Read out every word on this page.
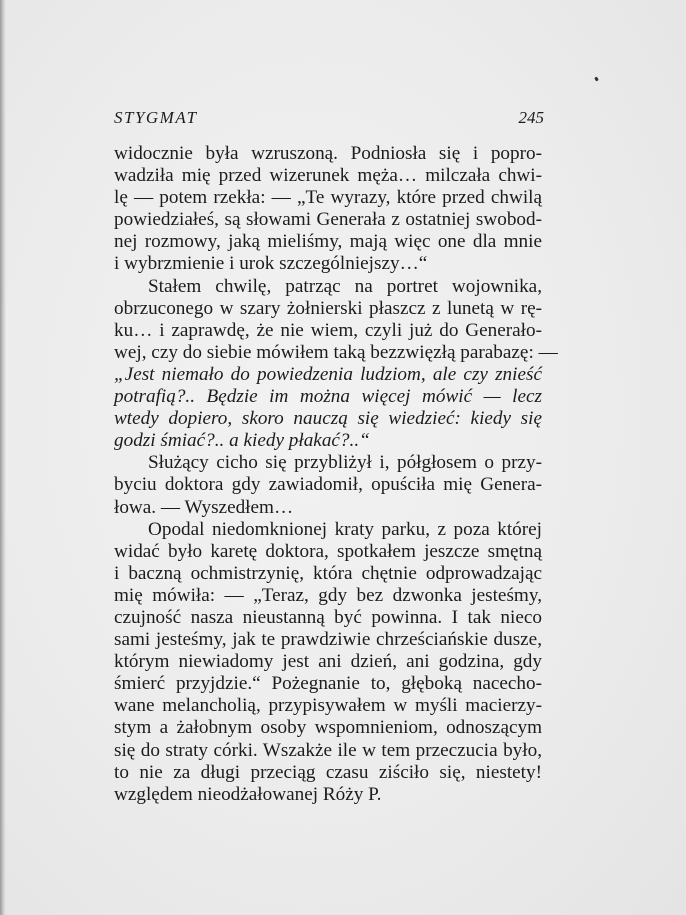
STYGMAT	245
widocznie była wzruszoną. Podniosła się i popro-
wadziła mię przed wizerunek męża… milczała chwi-
lę — potem rzekła: — „Te wyrazy, które przed chwilą
powiedziałeś, są słowami Generała z ostatniej swobod-
nej rozmowy, jaką mieliśmy, mają więc one dla mnie
i wybrzmienie i urok szczególniejszy…“
Stałem chwilę, patrząc na portret wojownika,
obrzuconego w szary żołnierski płaszcz z lunetą w rę-
ku… i zaprawdę, że nie wiem, czyli już do Generało-
wej, czy do siebie mówiłem taką bezzwięzłą parabazę: —
„Jest niemało do powiedzenia ludziom, ale czy znieść
potrafią?.. Będzie im można więcej mówić — lecz
wtedy dopiero, skoro nauczą się wiedzieć: kiedy się
godzi śmiać?.. a kiedy płakać?..“
Służący cicho się przybliżył i, półgłosem o przy-
byciu doktora gdy zawiadomił, opuściła mię Genera-
łowa. — Wyszedłem…
Opodal niedomknionej kraty parku, z poza której
widać było karetę doktora, spotkałem jeszcze smętną
i baczną ochmistrzynię, która chętnie odprowadzając
mię mówiła: — „Teraz, gdy bez dzwonka jesteśmy,
czujność nasza nieustanną być powinna. I tak nieco
sami jesteśmy, jak te prawdziwie chrześciańskie dusze,
którym niewiadomy jest ani dzień, ani godzina, gdy
śmierć przyjdzie.“ Pożegnanie to, głęboką nacecho-
wane melancholią, przypisywałem w myśli macierzy-
stym a żałobnym osoby wspomnieniom, odnoszącym
się do straty córki. Wszakże ile w tem przeczucia było,
to nie za długi przeciąg czasu ziściło się, niestety!
względem nieodżałowanej Róży P.
